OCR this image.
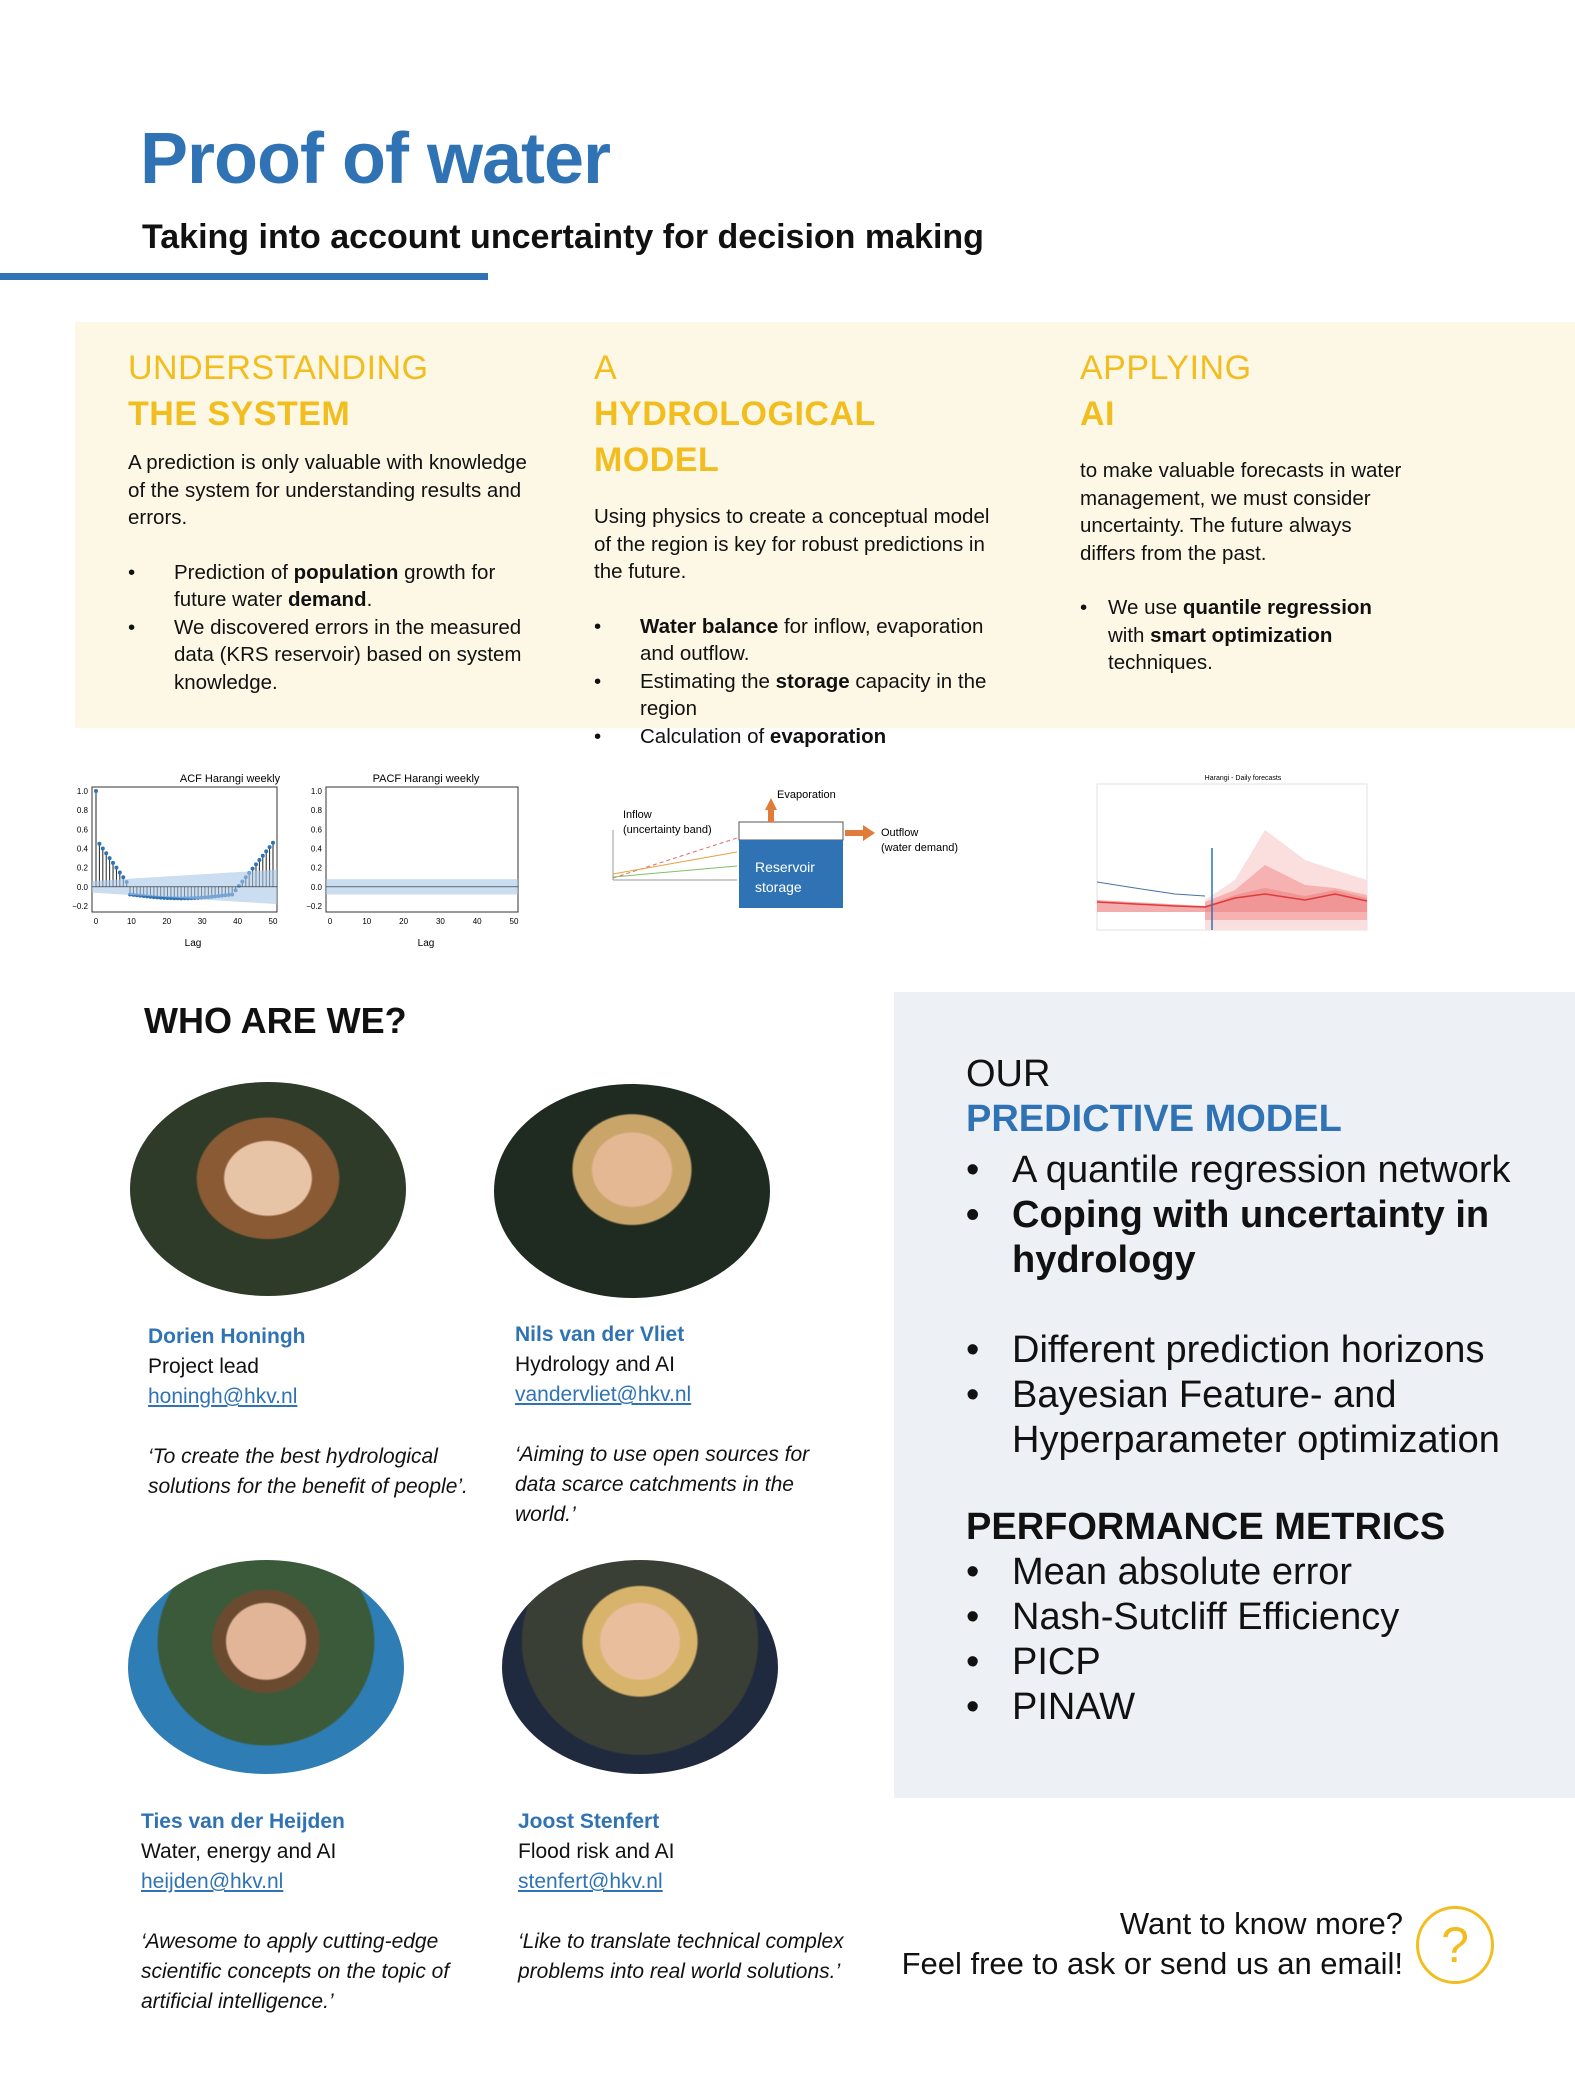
Proof of water
Taking into account uncertainty for decision making
UNDERSTANDING
THE SYSTEM

A prediction is only valuable with knowledge of the system for understanding results and errors.

• Prediction of population growth for future water demand.
• We discovered errors in the measured data (KRS reservoir) based on system knowledge.
A
HYDROLOGICAL MODEL

Using physics to create a conceptual model of the region is key for robust predictions in the future.

• Water balance for inflow, evaporation and outflow.
• Estimating the storage capacity in the region
• Calculation of evaporation
APPLYING
AI

to make valuable forecasts in water management, we must consider uncertainty. The future always differs from the past.

• We use quantile regression with smart optimization techniques.
ACF Harangi weekly	PACF Harangi weekly
1.0
0.8
0.6
0.4
0.2
0.0
−0.2
1.0
0.8
0.6
0.4
0.2
0.0
−0.2
0	10	20	30	40	50	0	10	20	30	40	50
Lag	Lag
Inflow
(uncertainty band)
Reservoir
storage
Evaporation
Outflow
(water demand)
Harangi - Daily forecasts
WHO ARE WE?
Dorien Honingh
Project lead
honingh@hkv.nl
‘To create the best hydrological solutions for the benefit of people’.
Nils van der Vliet
Hydrology and AI
vandervliet@hkv.nl
‘Aiming to use open sources for data scarce catchments in the world.’
Ties van der Heijden
Water, energy and AI
heijden@hkv.nl
‘Awesome to apply cutting-edge scientific concepts on the topic of artificial intelligence.’
Joost Stenfert
Flood risk and AI
stenfert@hkv.nl
‘Like to translate technical complex problems into real world solutions.’
OUR
PREDICTIVE MODEL
• A quantile regression network
• Coping with uncertainty in hydrology
• Different prediction horizons
• Bayesian Feature- and Hyperparameter optimization
PERFORMANCE METRICS
• Mean absolute error
• Nash-Sutcliff Efficiency
• PICP
• PINAW
Want to know more?
Feel free to ask or send us an email! ?
